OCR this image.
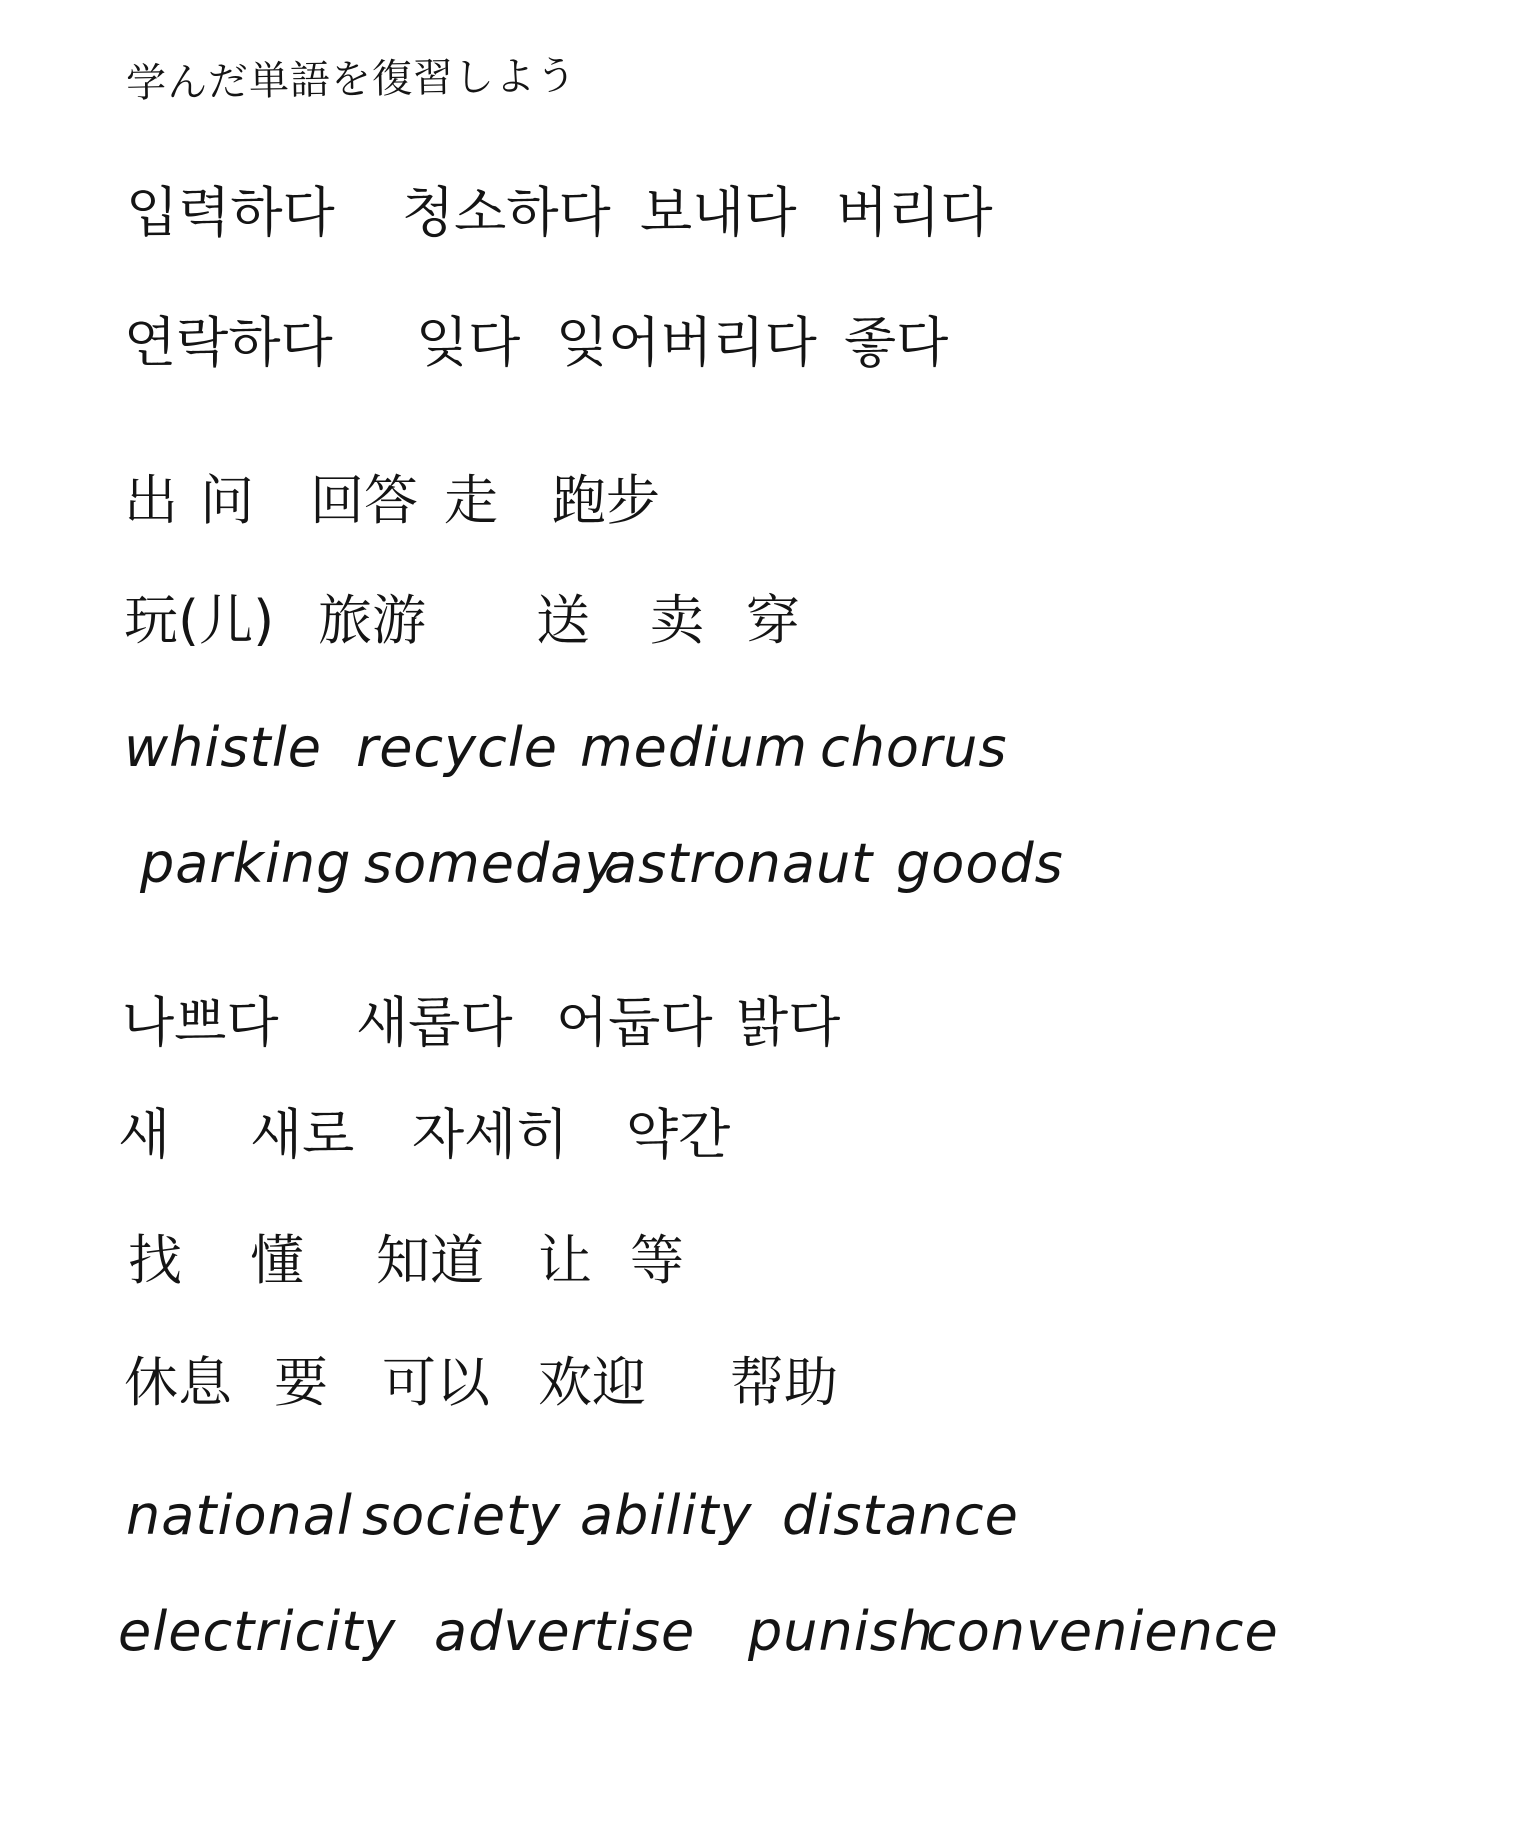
学んだ単語を復習しよう
입력하다 청소하다 보내다 버리다
연락하다 잊다 잊어버리다 좋다
出 问 回答 走 跑步
玩(儿) 旅游 送 卖 穿
whistle recycle medium chorus
parking someday
astronaut goods
나쁘다 새롭다 어둡다 밝다
새 새로 자세히 약간
找 懂 知道 让 等
休息 要 可以 欢迎 帮助
national society ability distance
electricity advertise punish
convenience
